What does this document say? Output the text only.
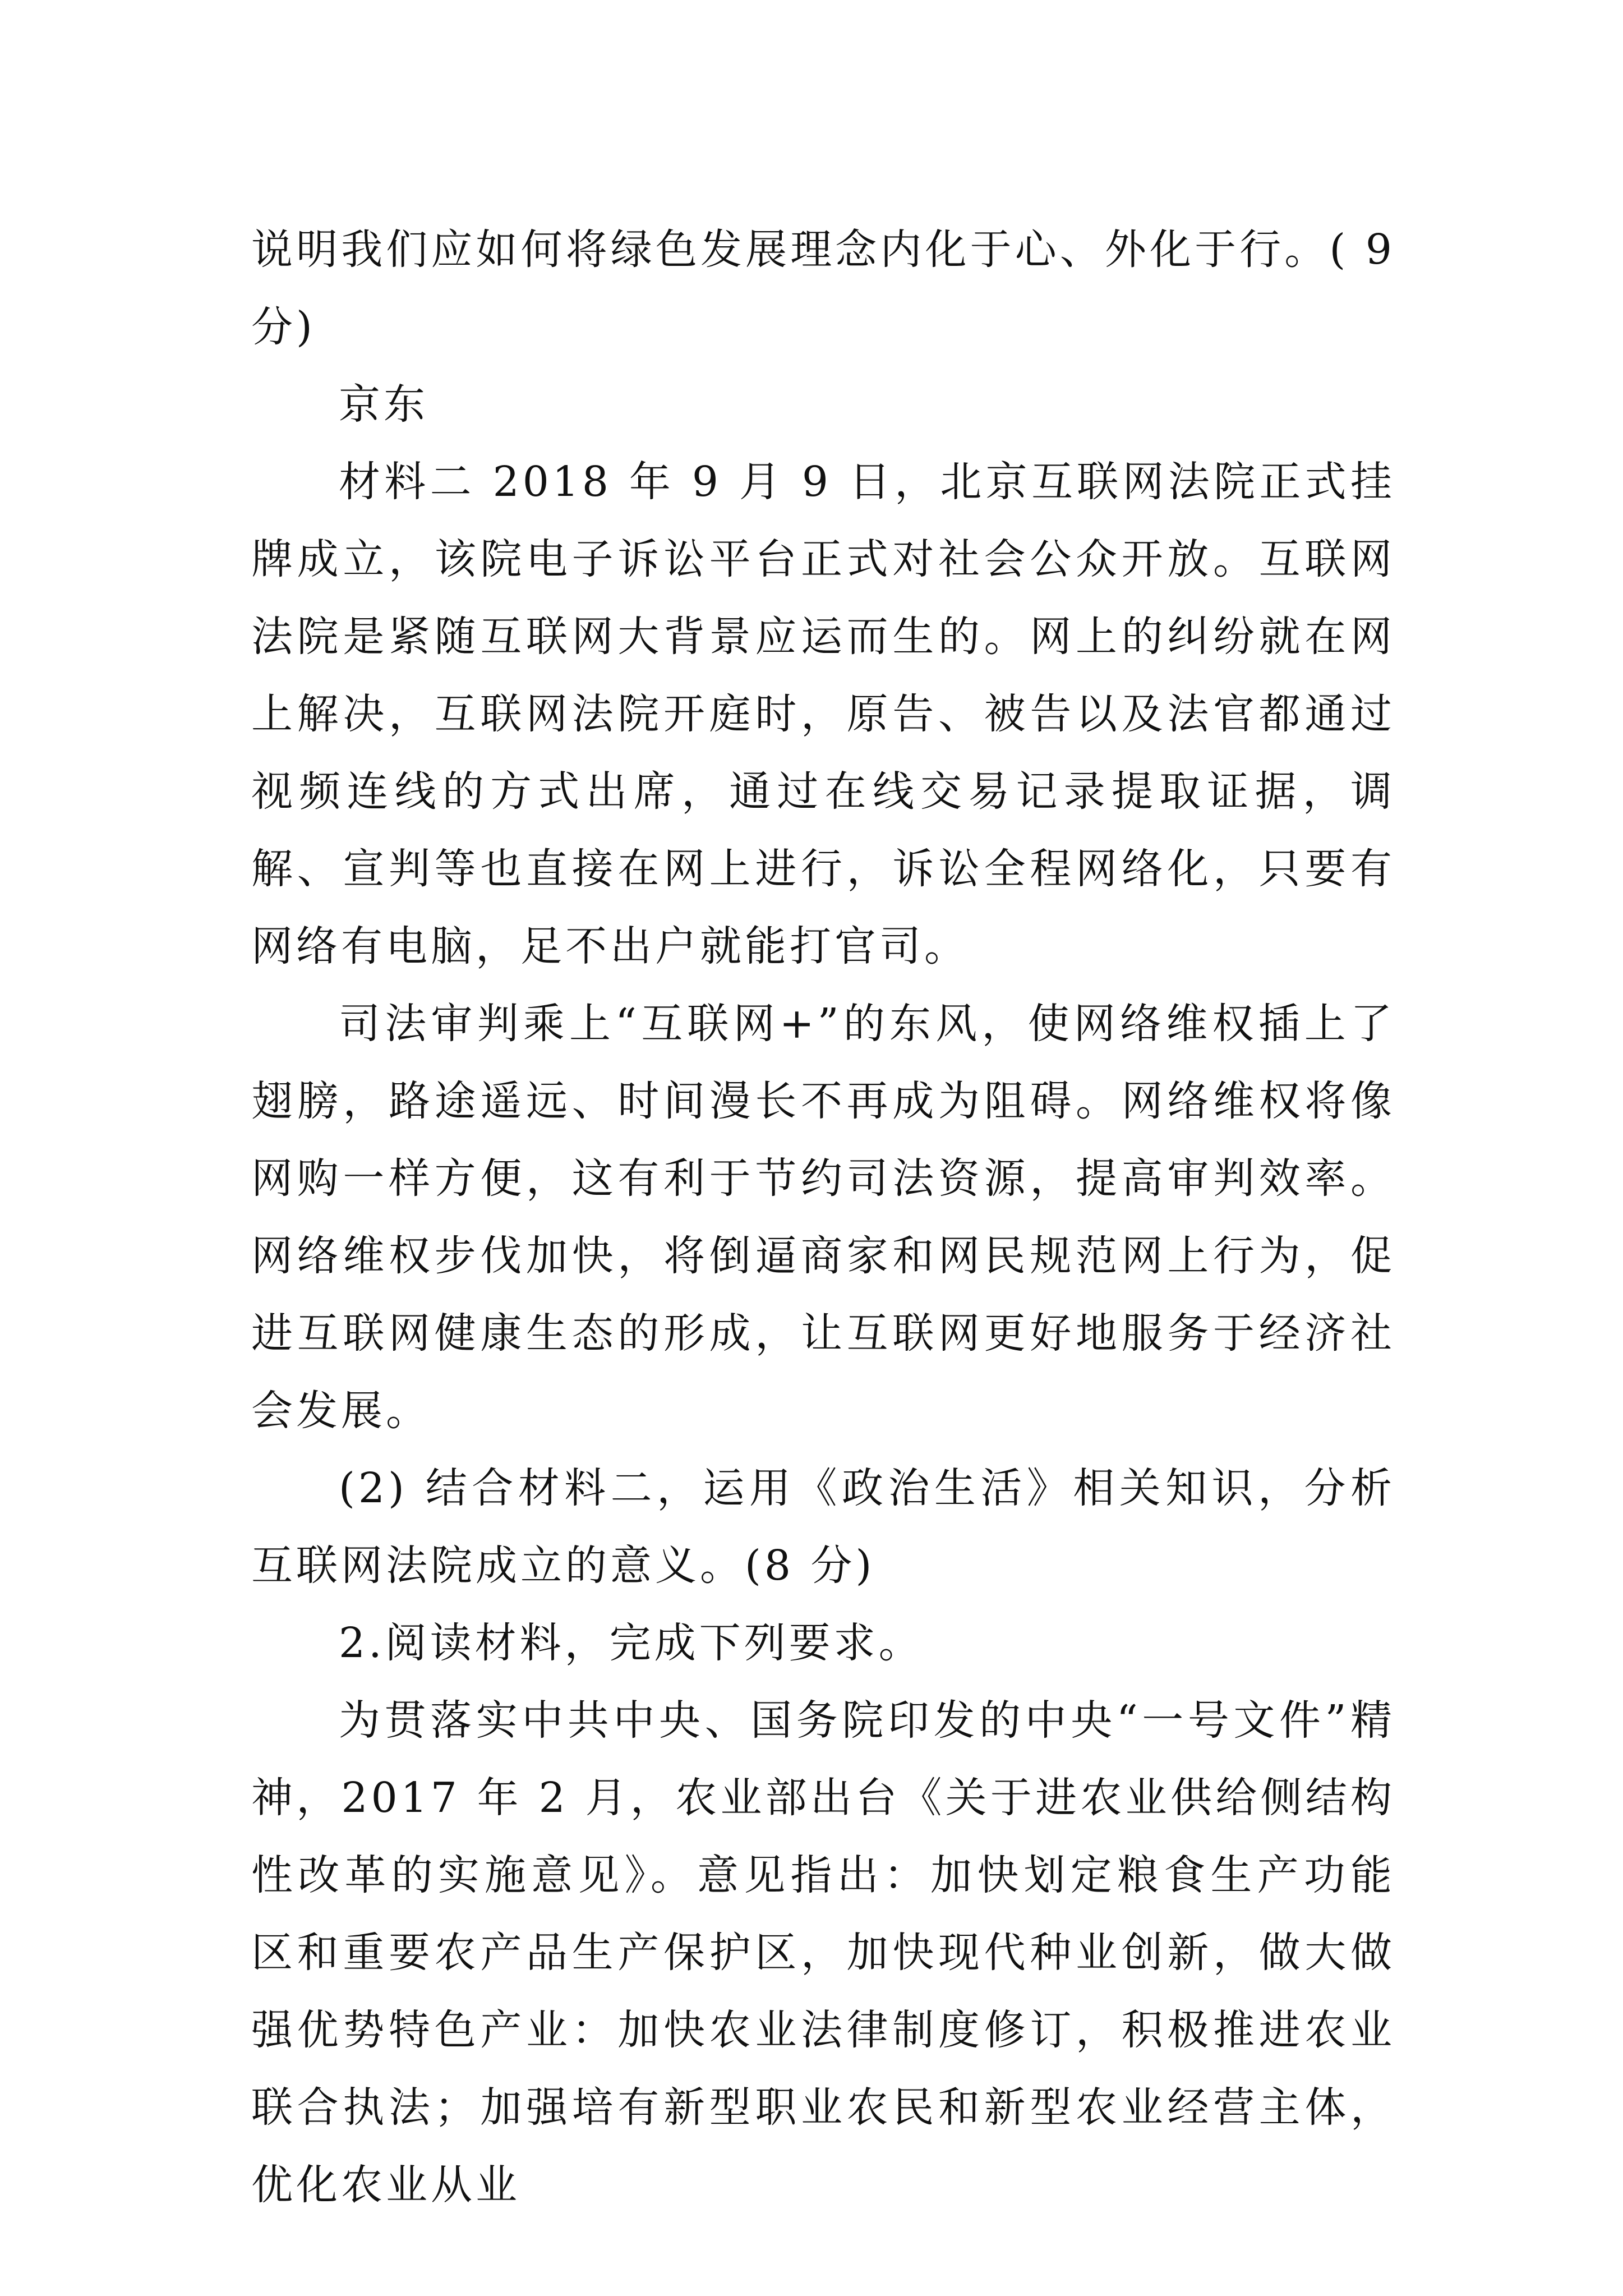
说明我们应如何将绿色发展理念内化于心、外化于行。( 9 分)

京东

材料二 2018 年 9 月 9 日，北京互联网法院正式挂牌成立，该院电子诉讼平台正式对社会公众开放。互联网法院是紧随互联网大背景应运而生的。网上的纠纷就在网上解决，互联网法院开庭时，原告、被告以及法官都通过视频连线的方式出席，通过在线交易记录提取证据，调解、宣判等也直接在网上进行，诉讼全程网络化，只要有网络有电脑，足不出户就能打官司。

司法审判乘上“互联网+”的东风，使网络维权插上了翅膀，路途遥远、时间漫长不再成为阻碍。网络维权将像网购一样方便，这有利于节约司法资源，提高审判效率。网络维权步伐加快，将倒逼商家和网民规范网上行为，促进互联网健康生态的形成，让互联网更好地服务于经济社会发展。

(2) 结合材料二，运用《政治生活》相关知识，分析互联网法院成立的意义。(8 分)

2.阅读材料，完成下列要求。

为贯落实中共中央、国务院印发的中央“一号文件”精神，2017 年 2 月，农业部出台《关于进农业供给侧结构性改革的实施意见》。意见指出：加快划定粮食生产功能区和重要农产品生产保护区，加快现代种业创新，做大做强优势特色产业：加快农业法律制度修订，积极推进农业联合执法；加强培有新型职业农民和新型农业经营主体，优化农业从业
